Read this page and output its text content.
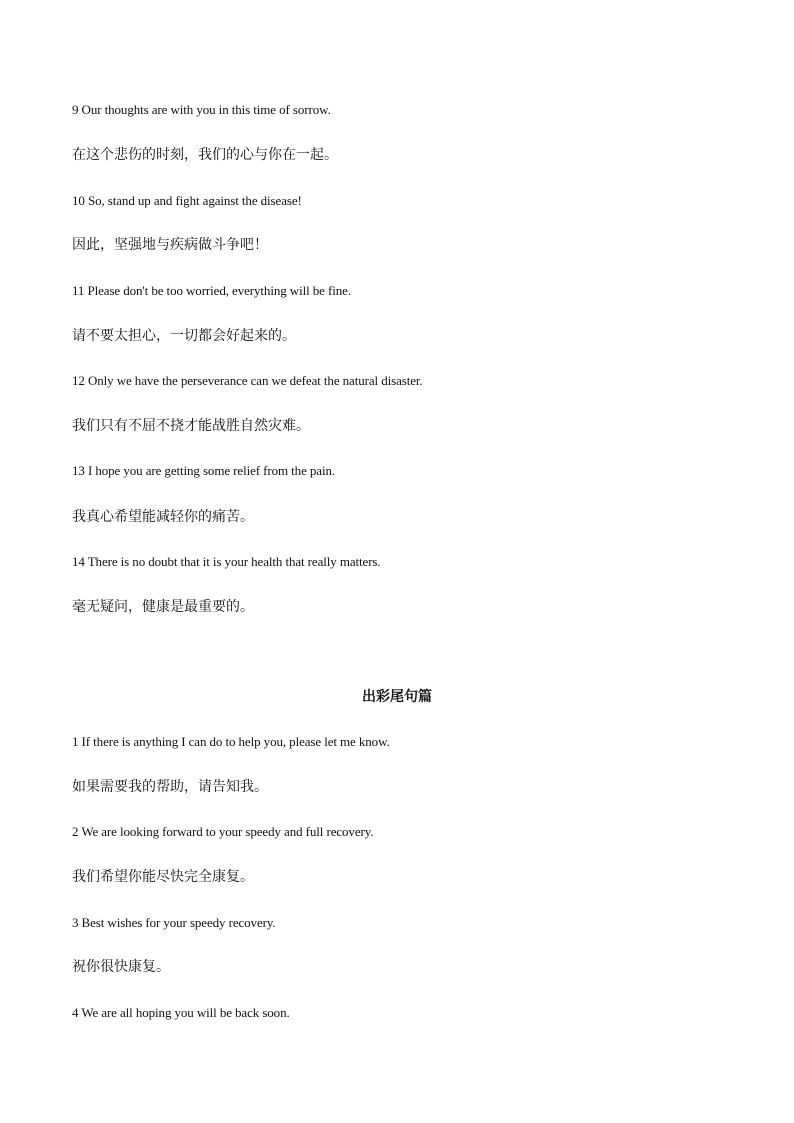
9 Our thoughts are with you in this time of sorrow.
在这个悲伤的时刻，我们的心与你在一起。
10 So, stand up and fight against the disease!
因此，坚强地与疾病做斗争吧！
11 Please don't be too worried, everything will be fine.
请不要太担心，一切都会好起来的。
12 Only we have the perseverance can we defeat the natural disaster.
我们只有不屈不挠才能战胜自然灾难。
13 I hope you are getting some relief from the pain.
我真心希望能减轻你的痛苦。
14 There is no doubt that it is your health that really matters.
毫无疑问，健康是最重要的。
出彩尾句篇
1 If there is anything I can do to help you, please let me know.
如果需要我的帮助，请告知我。
2 We are looking forward to your speedy and full recovery.
我们希望你能尽快完全康复。
3 Best wishes for your speedy recovery.
祝你很快康复。
4 We are all hoping you will be back soon.
